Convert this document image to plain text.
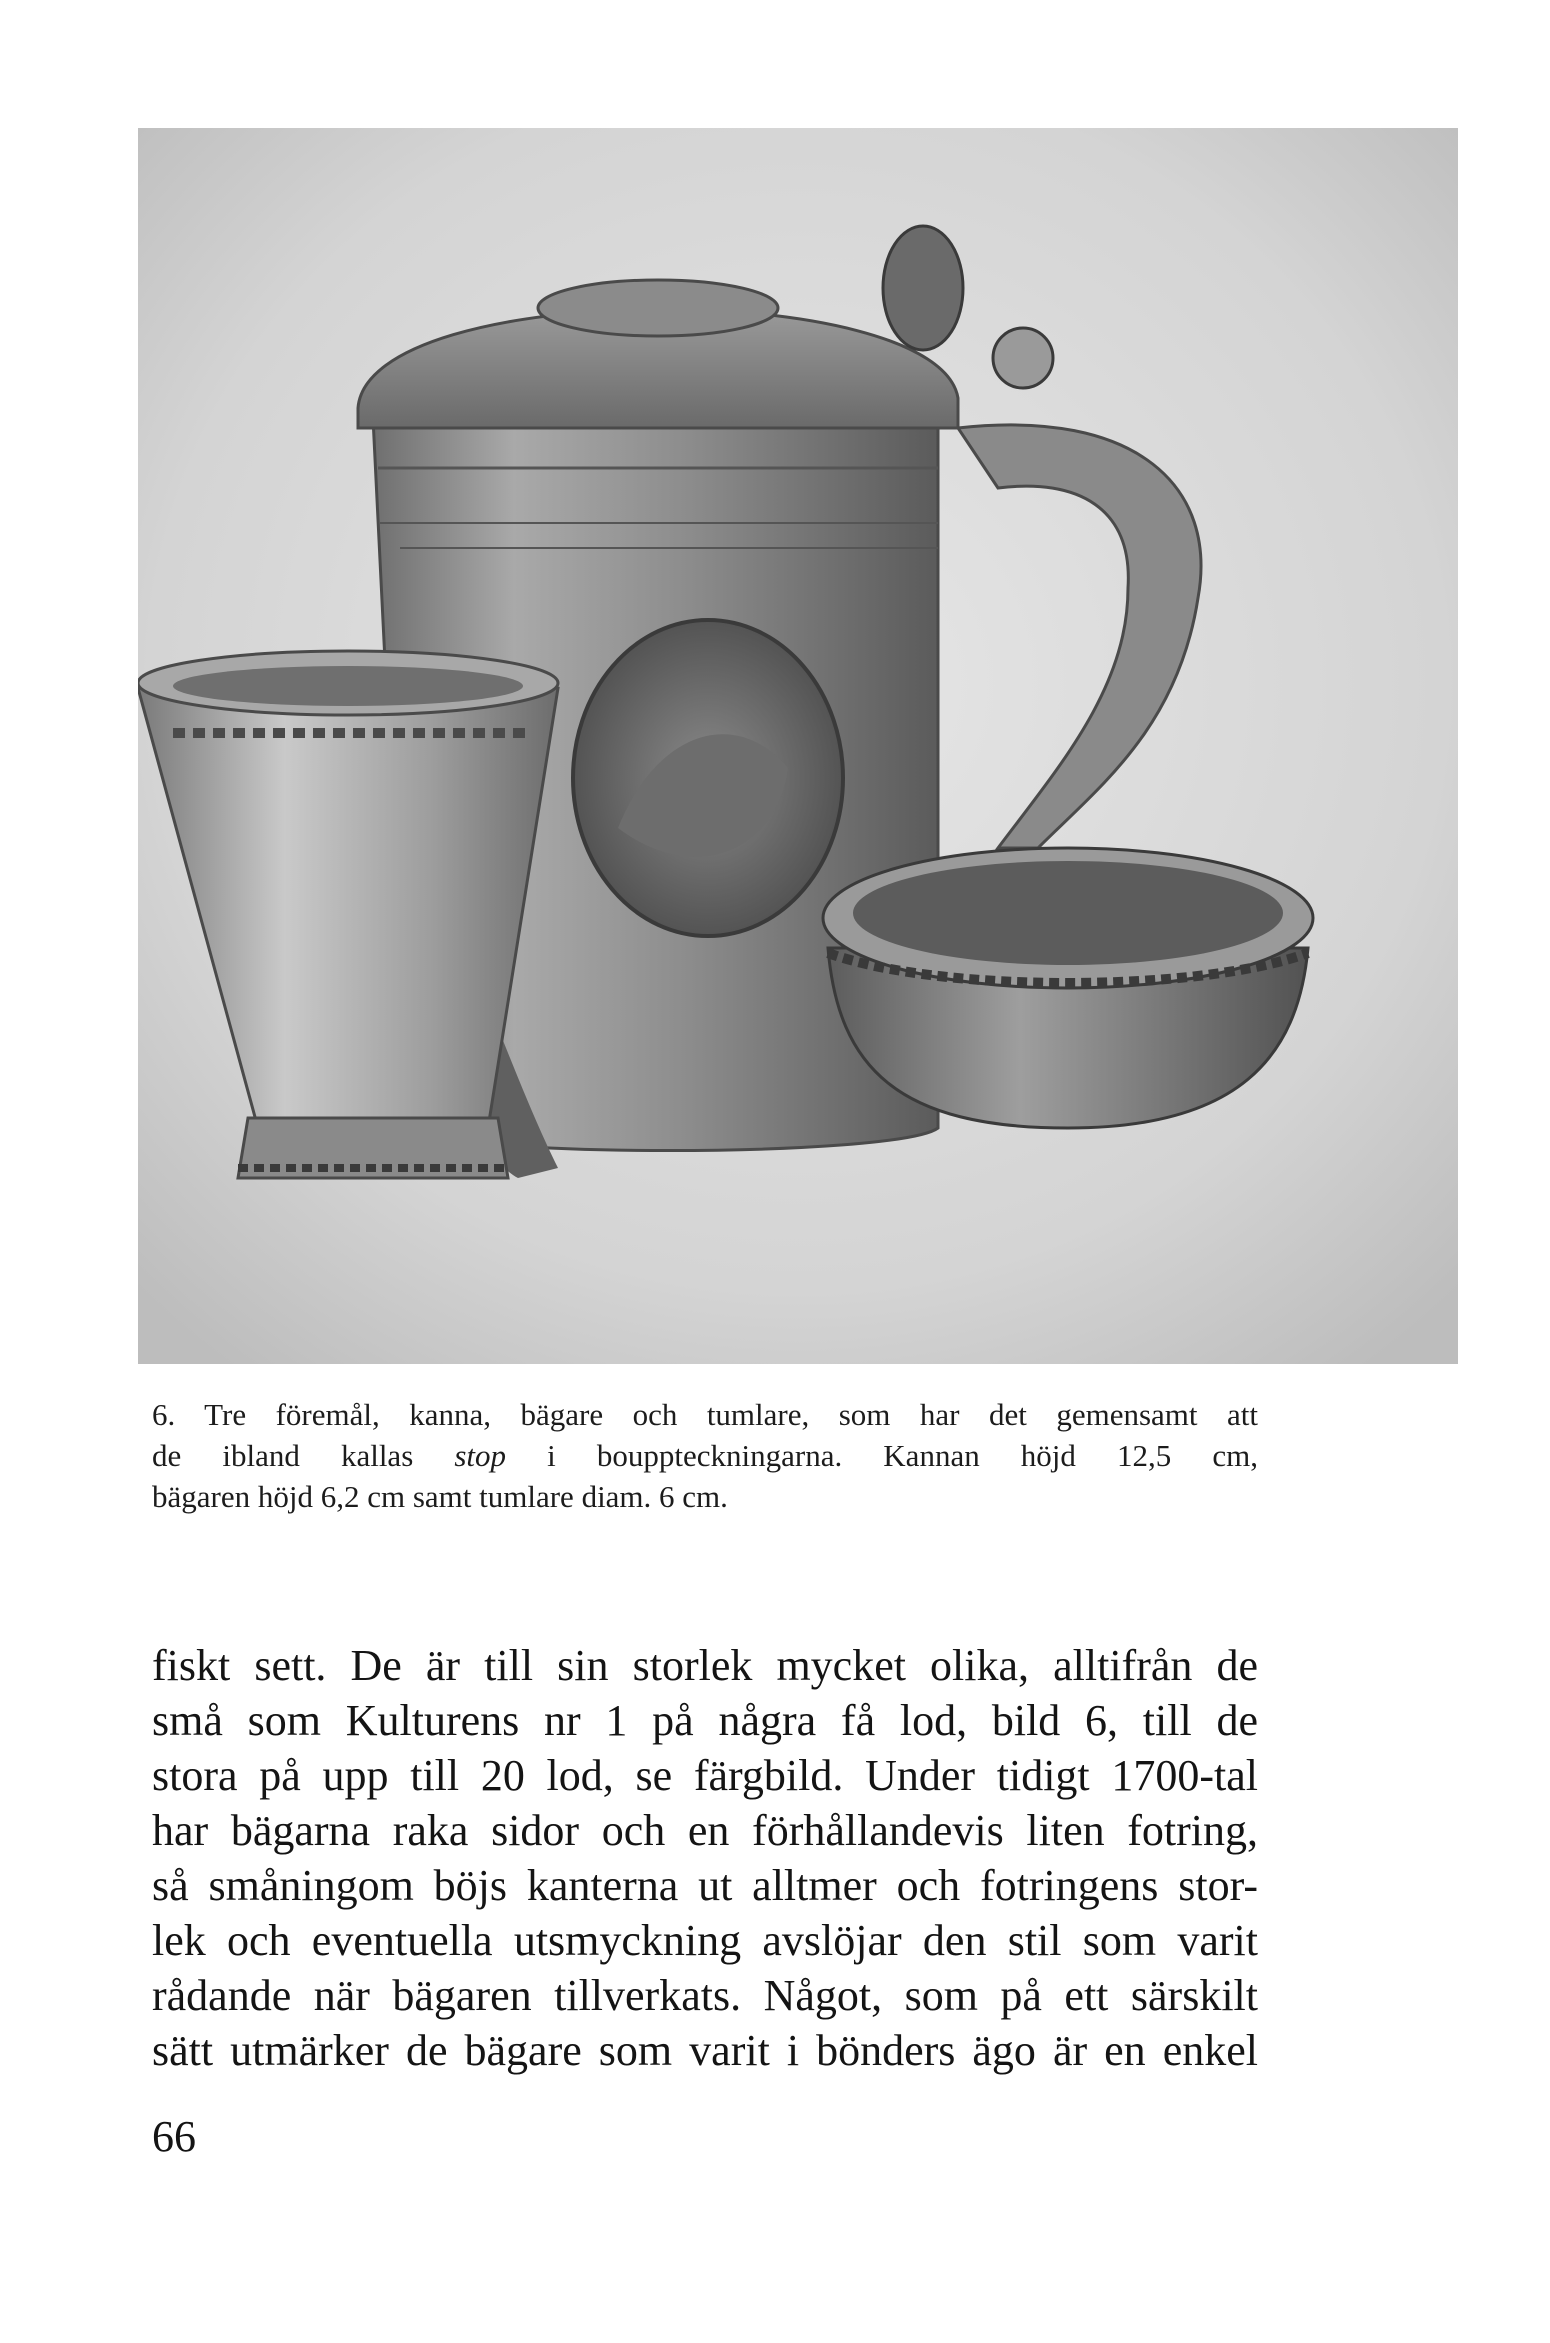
6. Tre föremål, kanna, bägare och tumlare, som har det gemensamt att
de ibland kallas stop i bouppteckningarna. Kannan höjd 12,5 cm,
bägaren höjd 6,2 cm samt tumlare diam. 6 cm.
fiskt sett. De är till sin storlek mycket olika, alltifrån de
små som Kulturens nr 1 på några få lod, bild 6, till de
stora på upp till 20 lod, se färgbild. Under tidigt 1700-tal
har bägarna raka sidor och en förhållandevis liten fotring,
så småningom böjs kanterna ut alltmer och fotringens stor-
lek och eventuella utsmyckning avslöjar den stil som varit
rådande när bägaren tillverkats. Något, som på ett särskilt
sätt utmärker de bägare som varit i bönders ägo är en enkel
66
